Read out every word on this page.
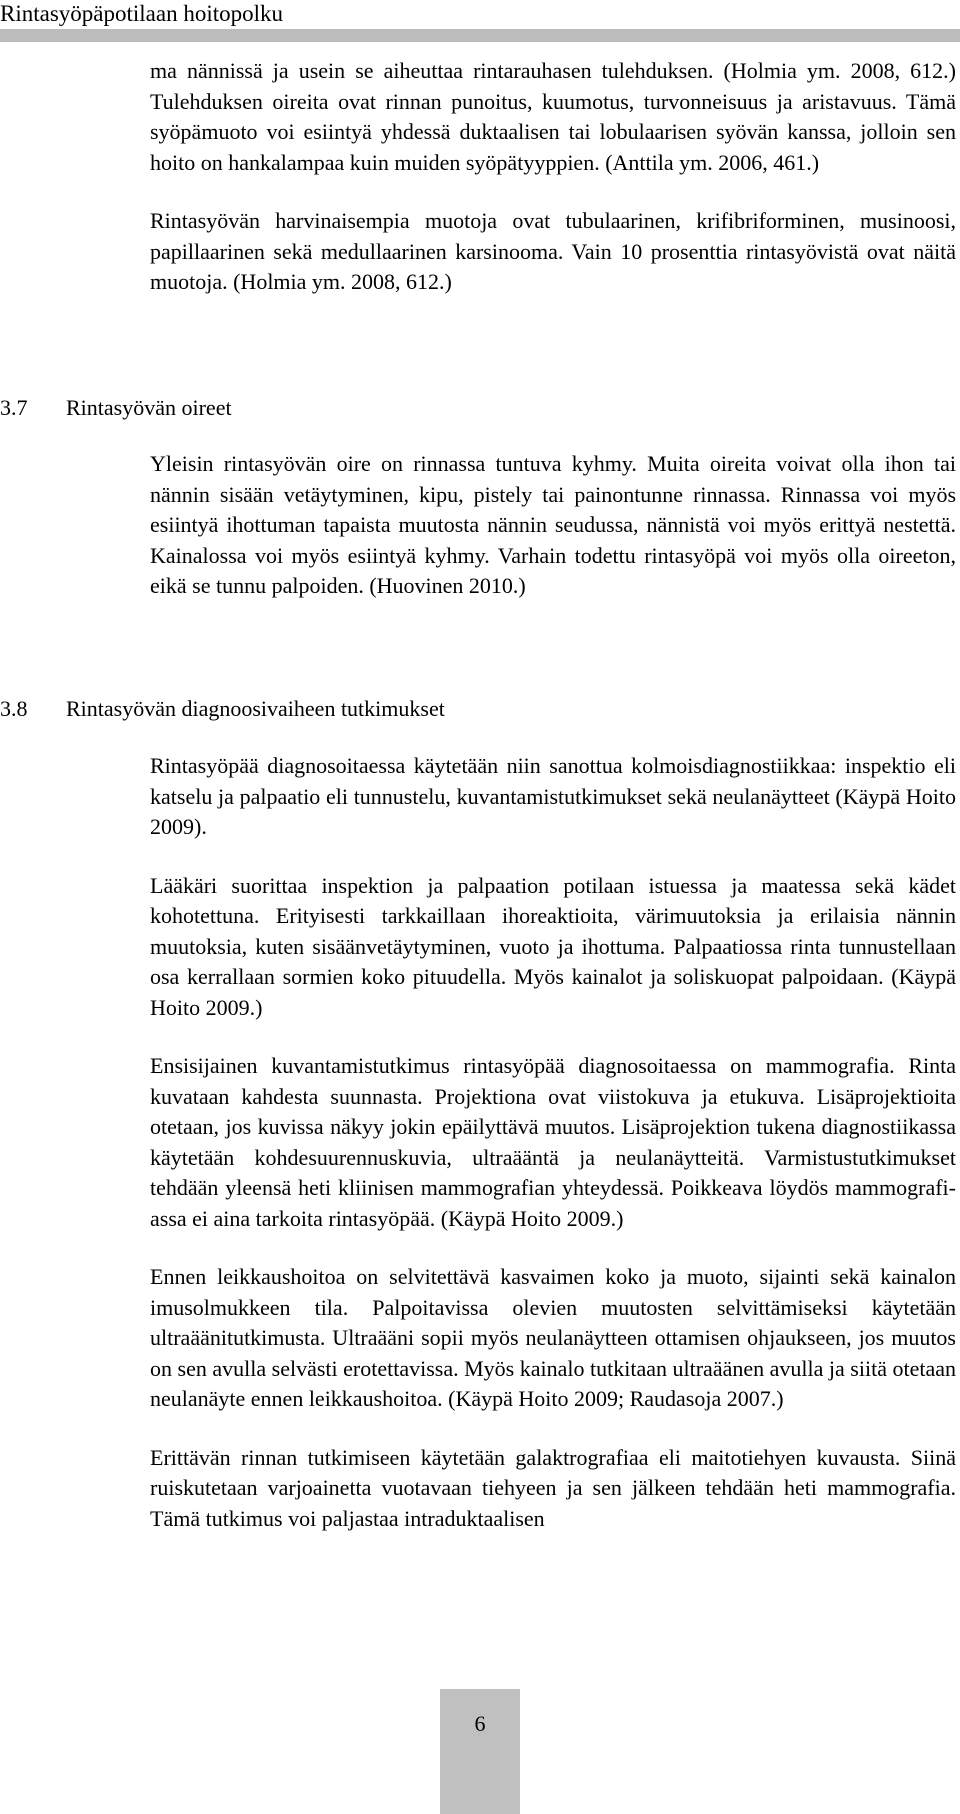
Rintasyöpäpotilaan hoitopolku

ma nännissä ja usein se aiheuttaa rintarauhasen tulehduksen. (Holmia ym. 2008, 612.) Tulehduksen oireita ovat rinnan punoitus, kuumotus, turvonneisuus ja aristavuus. Tämä syöpämuoto voi esiintyä yhdessä duktaalisen tai lobulaarisen syövän kanssa, jolloin sen hoito on hankalampaa kuin muiden syöpätyyppien. (Anttila ym. 2006, 461.)

Rintasyövän harvinaisempia muotoja ovat tubulaarinen, krifibriforminen, musinoosi, papillaarinen sekä medullaarinen karsinooma. Vain 10 prosenttia rintasyövistä ovat näitä muotoja. (Holmia ym. 2008, 612.)

3.7 Rintasyövän oireet

Yleisin rintasyövän oire on rinnassa tuntuva kyhmy. Muita oireita voivat olla ihon tai nännin sisään vetäytyminen, kipu, pistely tai painontunne rinnassa. Rinnassa voi myös esiintyä ihottuman tapaista muutosta nännin seudussa, nännistä voi myös erittyä nestettä. Kainalossa voi myös esiintyä kyhmy. Varhain todettu rintasyöpä voi myös olla oireeton, eikä se tunnu palpoiden. (Huovinen 2010.)

3.8 Rintasyövän diagnoosivaiheen tutkimukset

Rintasyöpää diagnosoitaessa käytetään niin sanottua kolmoisdiagnostiikkaa: inspektio eli katselu ja palpaatio eli tunnustelu, kuvantamistutkimukset sekä neulanäytteet (Käypä Hoito 2009).

Lääkäri suorittaa inspektion ja palpaation potilaan istuessa ja maatessa sekä kädet kohotettuna. Erityisesti tarkkaillaan ihoreaktioita, värimuutoksia ja erilaisia nännin muutoksia, kuten sisäänvetäytyminen, vuoto ja ihottuma. Palpaatiossa rinta tunnustellaan osa kerrallaan sormien koko pituudella. Myös kainalot ja soliskuopat palpoidaan. (Käypä Hoito 2009.)

Ensisijainen kuvantamistutkimus rintasyöpää diagnosoitaessa on mammografia. Rinta kuvataan kahdesta suunnasta. Projektiona ovat viistokuva ja etukuva. Lisäprojektioita otetaan, jos kuvissa näkyy jokin epäilyttävä muutos. Lisäprojektion tukena diagnostiikassa käytetään kohdesuurennuskuvia, ultraääntä ja neulanäytteitä. Varmistustutkimukset tehdään yleensä heti kliinisen mammografian yhteydessä. Poikkeava löydös mammografiassa ei aina tarkoita rintasyöpää. (Käypä Hoito 2009.)

Ennen leikkaushoitoa on selvitettävä kasvaimen koko ja muoto, sijainti sekä kainalon imusolmukkeen tila. Palpoitavissa olevien muutosten selvittämiseksi käytetään ultraäänitutkimusta. Ultraääni sopii myös neulanäytteen ottamisen ohjaukseen, jos muutos on sen avulla selvästi erotettavissa. Myös kainalo tutkitaan ultraäänen avulla ja siitä otetaan neulanäyte ennen leikkaushoitoa. (Käypä Hoito 2009; Raudasoja 2007.)

Erittävän rinnan tutkimiseen käytetään galaktrografiaa eli maitotiehyen kuvausta. Siinä ruiskutetaan varjoainetta vuotavaan tiehyeen ja sen jälkeen tehdään heti mammografia. Tämä tutkimus voi paljastaa intraduktaalisen

6
